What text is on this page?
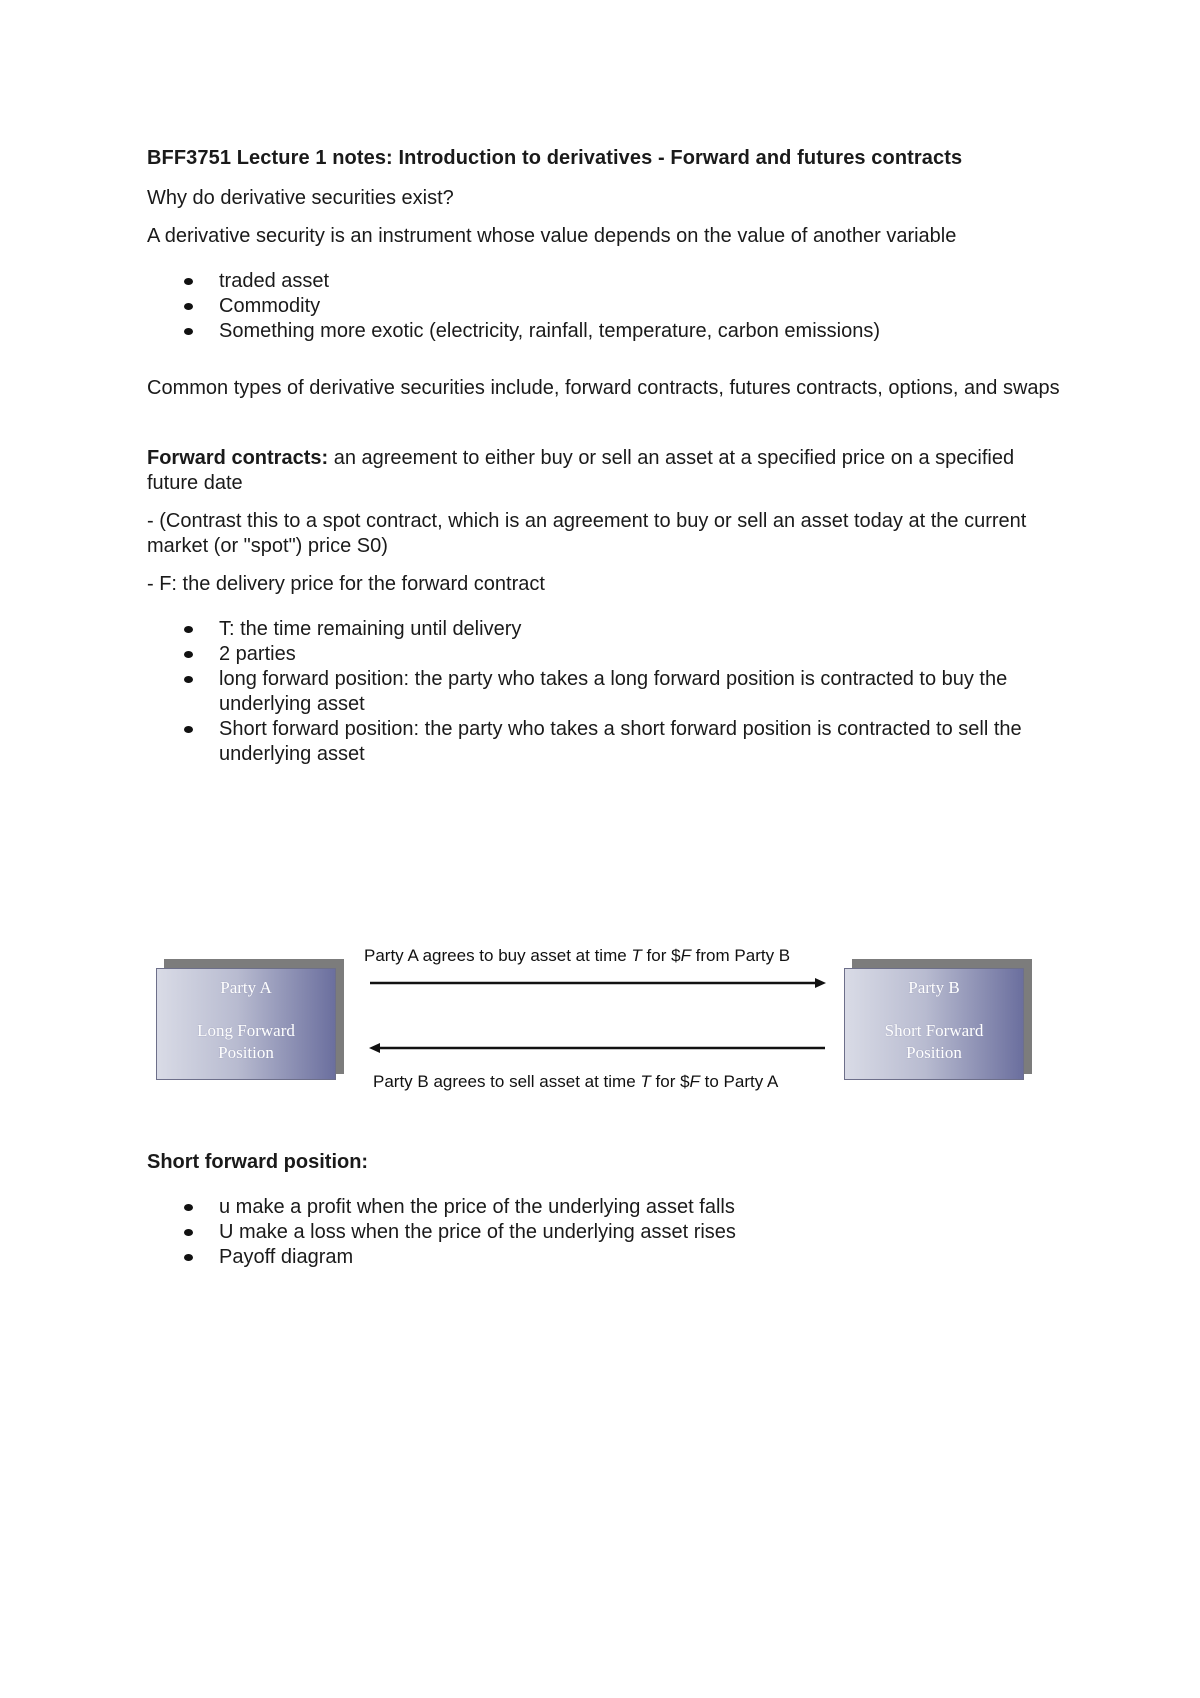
BFF3751 Lecture 1 notes: Introduction to derivatives - Forward and futures contracts

Why do derivative securities exist?

A derivative security is an instrument whose value depends on the value of another variable

traded asset
Commodity
Something more exotic (electricity, rainfall, temperature, carbon emissions)

Common types of derivative securities include, forward contracts, futures contracts, options, and swaps

Forward contracts: an agreement to either buy or sell an asset at a specified price on a specified future date

- (Contrast this to a spot contract, which is an agreement to buy or sell an asset today at the current market (or "spot") price S0)

- F: the delivery price for the forward contract

T: the time remaining until delivery
2 parties
long forward position: the party who takes a long forward position is contracted to buy the underlying asset
Short forward position: the party who takes a short forward position is contracted to sell the underlying asset
Party A
Long Forward
Position
Party B
Short Forward
Position
Party A agrees to buy asset at time T for $F from Party B
Party B agrees to sell asset at time T for $F to Party A

Short forward position:

u make a profit when the price of the underlying asset falls
U make a loss when the price of the underlying asset rises
Payoff diagram
